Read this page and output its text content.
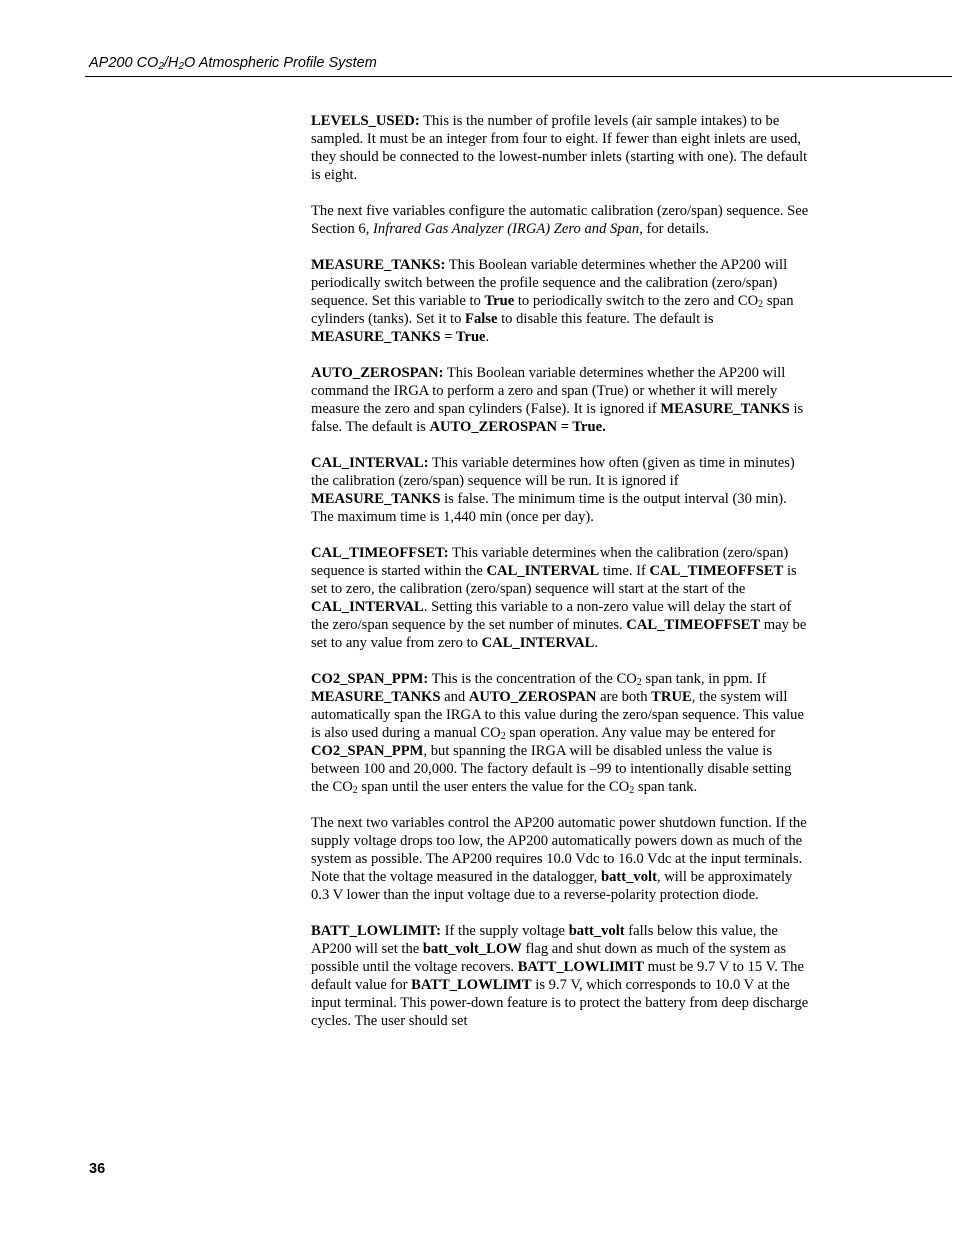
AP200 $CO_2/H_2O$ Atmospheric Profile System

LEVELS_USED: This is the number of profile levels (air sample intakes) to be sampled. It must be an integer from four to eight. If fewer than eight inlets are used, they should be connected to the lowest-number inlets (starting with one). The default is eight.

The next five variables configure the automatic calibration (zero/span) sequence. See Section 6, Infrared Gas Analyzer (IRGA) Zero and Span, for details.

MEASURE_TANKS: This Boolean variable determines whether the AP200 will periodically switch between the profile sequence and the calibration (zero/span) sequence. Set this variable to True to periodically switch to the zero and $CO_2$ span cylinders (tanks). Set it to False to disable this feature. The default is MEASURE_TANKS = True.

AUTO_ZEROSPAN: This Boolean variable determines whether the AP200 will command the IRGA to perform a zero and span (True) or whether it will merely measure the zero and span cylinders (False). It is ignored if MEASURE_TANKS is false. The default is AUTO_ZEROSPAN = True.

CAL_INTERVAL: This variable determines how often (given as time in minutes) the calibration (zero/span) sequence will be run. It is ignored if MEASURE_TANKS is false. The minimum time is the output interval (30 min). The maximum time is 1,440 min (once per day).

CAL_TIMEOFFSET: This variable determines when the calibration (zero/span) sequence is started within the CAL_INTERVAL time. If CAL_TIMEOFFSET is set to zero, the calibration (zero/span) sequence will start at the start of the CAL_INTERVAL. Setting this variable to a non-zero value will delay the start of the zero/span sequence by the set number of minutes. CAL_TIMEOFFSET may be set to any value from zero to CAL_INTERVAL.

CO2_SPAN_PPM: This is the concentration of the $CO_2$ span tank, in ppm. If MEASURE_TANKS and AUTO_ZEROSPAN are both TRUE, the system will automatically span the IRGA to this value during the zero/span sequence. This value is also used during a manual $CO_2$ span operation. Any value may be entered for CO2_SPAN_PPM, but spanning the IRGA will be disabled unless the value is between 100 and 20,000. The factory default is –99 to intentionally disable setting the $CO_2$ span until the user enters the value for the $CO_2$ span tank.

The next two variables control the AP200 automatic power shutdown function. If the supply voltage drops too low, the AP200 automatically powers down as much of the system as possible. The AP200 requires 10.0 Vdc to 16.0 Vdc at the input terminals. Note that the voltage measured in the datalogger, batt_volt, will be approximately 0.3 V lower than the input voltage due to a reverse-polarity protection diode.

BATT_LOWLIMIT: If the supply voltage batt_volt falls below this value, the AP200 will set the batt_volt_LOW flag and shut down as much of the system as possible until the voltage recovers. BATT_LOWLIMIT must be 9.7 V to 15 V. The default value for BATT_LOWLIMT is 9.7 V, which corresponds to 10.0 V at the input terminal. This power-down feature is to protect the battery from deep discharge cycles. The user should set

36
